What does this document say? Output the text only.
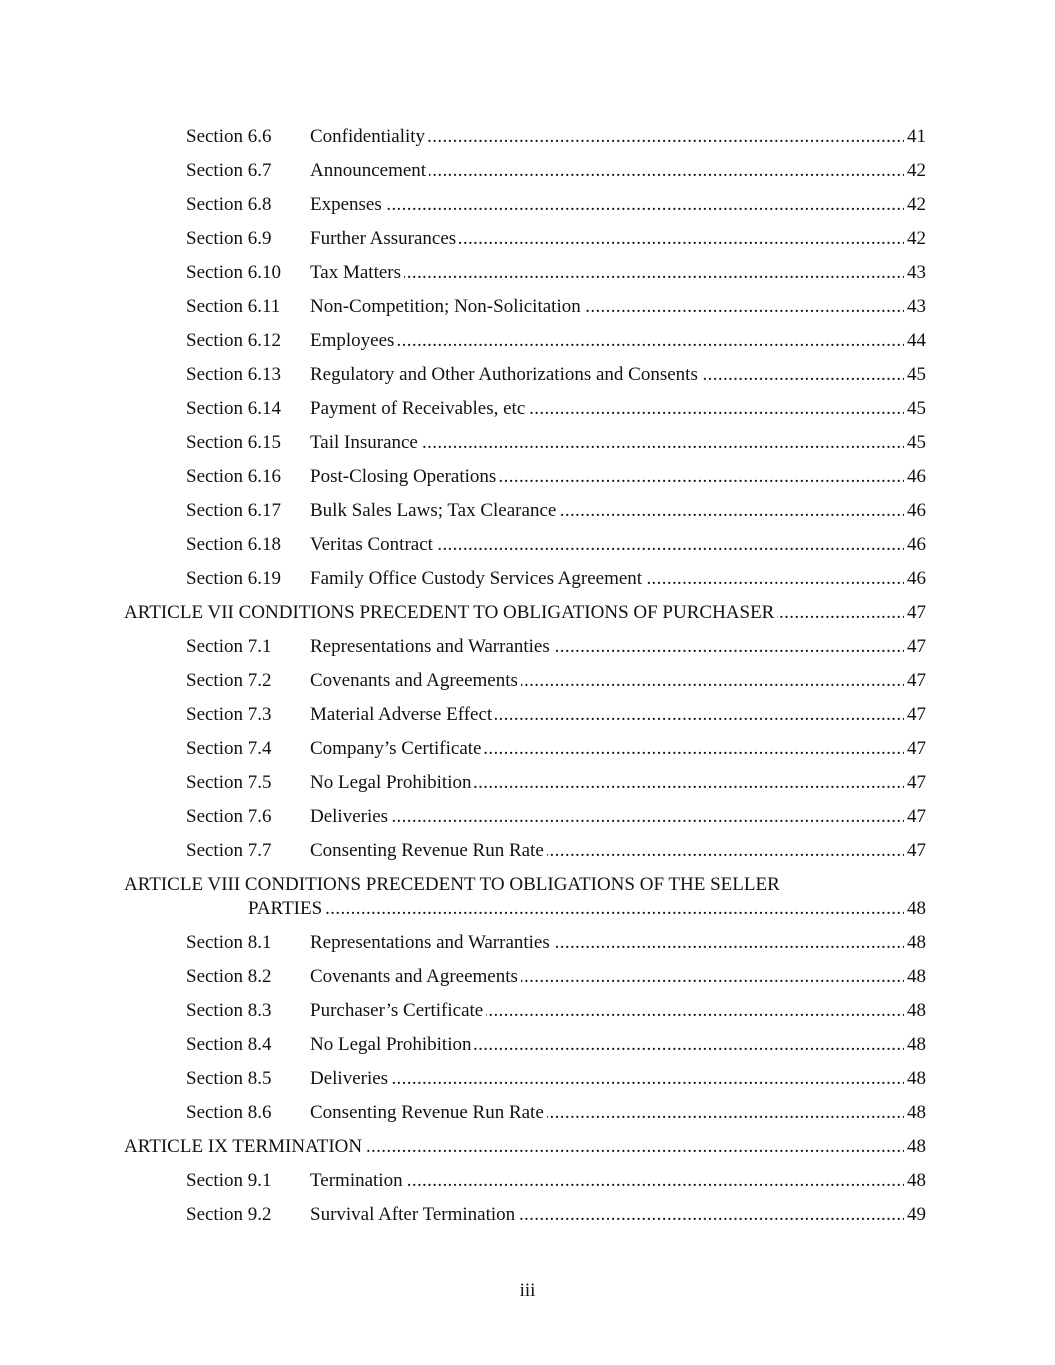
Section 6.6	Confidentiality . . .	41
Section 6.7	Announcement . . .	42
Section 6.8	Expenses . . .	42
Section 6.9	Further Assurances . . .	42
Section 6.10	Tax Matters . . .	43
Section 6.11	Non-Competition; Non-Solicitation . . .	43
Section 6.12	Employees . . .	44
Section 6.13	Regulatory and Other Authorizations and Consents . . .	45
Section 6.14	Payment of Receivables, etc . . .	45
Section 6.15	Tail Insurance . . .	45
Section 6.16	Post-Closing Operations . . .	46
Section 6.17	Bulk Sales Laws; Tax Clearance . . .	46
Section 6.18	Veritas Contract . . .	46
Section 6.19	Family Office Custody Services Agreement . . .	46
ARTICLE VII CONDITIONS PRECEDENT TO OBLIGATIONS OF PURCHASER . . .	47
Section 7.1	Representations and Warranties . . .	47
Section 7.2	Covenants and Agreements . . .	47
Section 7.3	Material Adverse Effect . . .	47
Section 7.4	Company’s Certificate . . .	47
Section 7.5	No Legal Prohibition . . .	47
Section 7.6	Deliveries . . .	47
Section 7.7	Consenting Revenue Run Rate . . .	47
ARTICLE VIII CONDITIONS PRECEDENT TO OBLIGATIONS OF THE SELLER
PARTIES . . .	48
Section 8.1	Representations and Warranties . . .	48
Section 8.2	Covenants and Agreements . . .	48
Section 8.3	Purchaser’s Certificate . . .	48
Section 8.4	No Legal Prohibition . . .	48
Section 8.5	Deliveries . . .	48
Section 8.6	Consenting Revenue Run Rate . . .	48
ARTICLE IX TERMINATION . . .	48
Section 9.1	Termination . . .	48
Section 9.2	Survival After Termination . . .	49
iii
